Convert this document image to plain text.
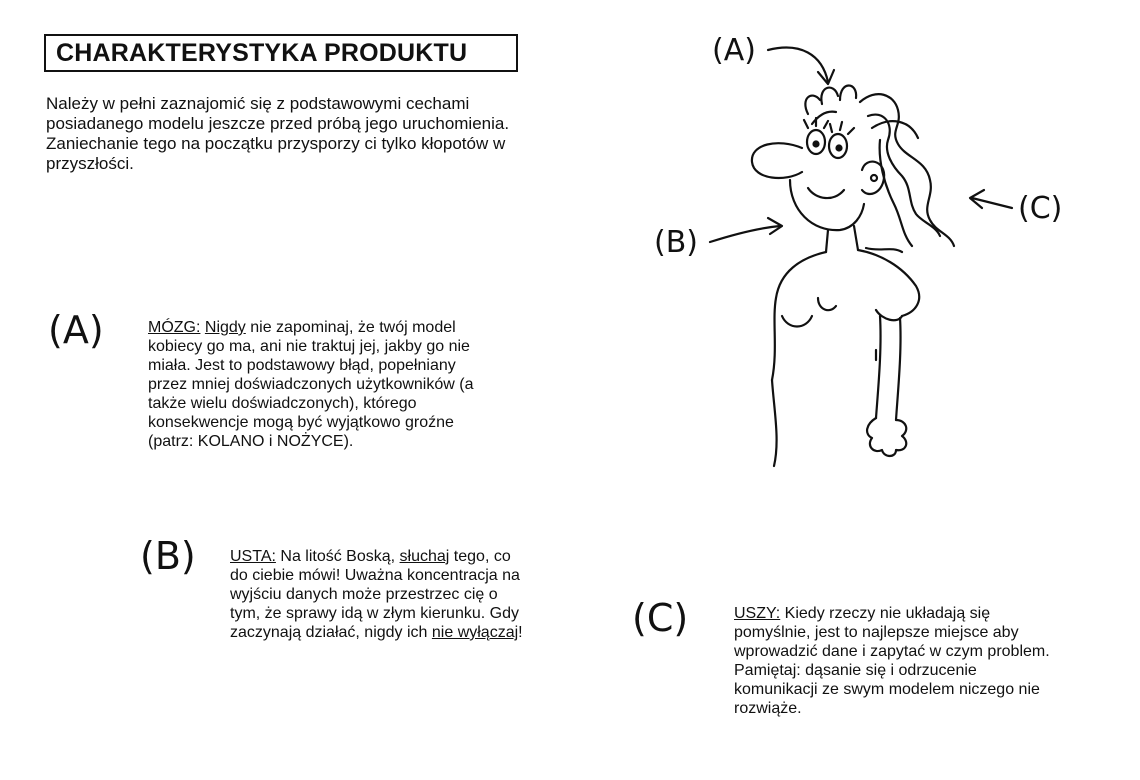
CHARAKTERYSTYKA PRODUKTU
Należy w pełni zaznajomić się z podstawowymi cechami posiadanego modelu jeszcze przed próbą jego uruchomienia. Zaniechanie tego na początku przysporzy ci tylko kłopotów w przyszłości.
(A)	MÓZG: Nigdy nie zapominaj, że twój model kobiecy go ma, ani nie traktuj jej, jakby go nie miała. Jest to podstawowy błąd, popełniany przez mniej doświadczonych użytkowników (a także wielu doświadczonych), którego konsekwencje mogą być wyjątkowo groźne (patrz: KOLANO i NOŻYCE).

(B) USTA: Na litość Boską, słuchaj tego, co do ciebie mówi! Uważna koncentracja na wyjściu danych może przestrzec cię o tym, że sprawy idą w złym kierunku. Gdy zaczynają działać, nigdy ich nie wyłączaj!	(C)	USZY: Kiedy rzeczy nie układają się pomyślnie, jest to najlepsze miejsce aby wprowadzić dane i zapytać w czym problem. Pamiętaj: dąsanie się i odrzucenie komunikacji ze swym modelem niczego nie rozwiąże.

(A)
(B)
(C)
